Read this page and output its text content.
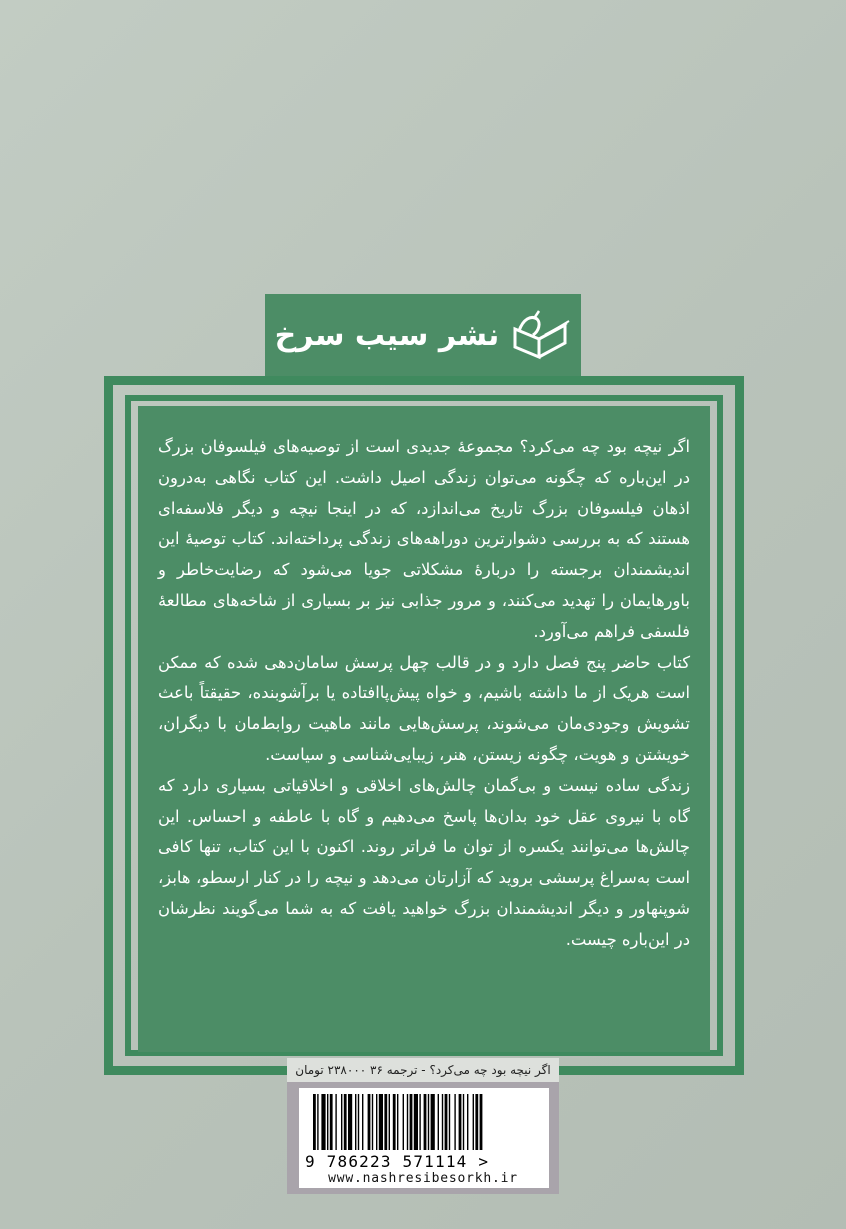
نشر سیب سرخ

اگر نیچه بود چه می‌کرد؟ مجموعهٔ جدیدی است از توصیه‌های فیلسوفان بزرگ در این‌باره که چگونه می‌توان زندگی اصیل داشت. این کتاب نگاهی به‌درون اذهان فیلسوفان بزرگ تاریخ می‌اندازد، که در اینجا نیچه و دیگر فلاسفه‌ای هستند که به بررسی دشوارترین دوراهه‌های زندگی پرداخته‌اند. کتاب توصیهٔ این اندیشمندان برجسته را دربارهٔ مشکلاتی جویا می‌شود که رضایت‌خاطر و باورهایمان را تهدید می‌کنند، و مرور جذابی نیز بر بسیاری از شاخه‌های مطالعهٔ فلسفی فراهم می‌آورد.

کتاب حاضر پنج فصل دارد و در قالب چهل پرسش سامان‌دهی شده که ممکن است هریک از ما داشته باشیم، و خواه پیش‌پاافتاده یا برآشوبنده، حقیقتاً باعث تشویش وجودی‌مان می‌شوند، پرسش‌هایی مانند ماهیت روابط‌مان با دیگران، خویشتن و هویت، چگونه زیستن، هنر، زیبایی‌شناسی و سیاست.

زندگی ساده نیست و بی‌گمان چالش‌های اخلاقی و اخلاقیاتی بسیاری دارد که گاه با نیروی عقل خود بدان‌ها پاسخ می‌دهیم و گاه با عاطفه و احساس. این چالش‌ها می‌توانند یکسره از توان ما فراتر روند. اکنون با این کتاب، تنها کافی است به‌سراغ پرسشی بروید که آزارتان می‌دهد و نیچه را در کنار ارسطو، هابز، شوپنهاور و دیگر اندیشمندان بزرگ خواهید یافت که به شما می‌گویند نظرشان در این‌باره چیست.

اگر نیچه بود چه می‌کرد؟ - ترجمه ۳۶ ۲۳۸۰۰۰ تومان
9 786223 571114 >
www.nashresibesorkh.ir
